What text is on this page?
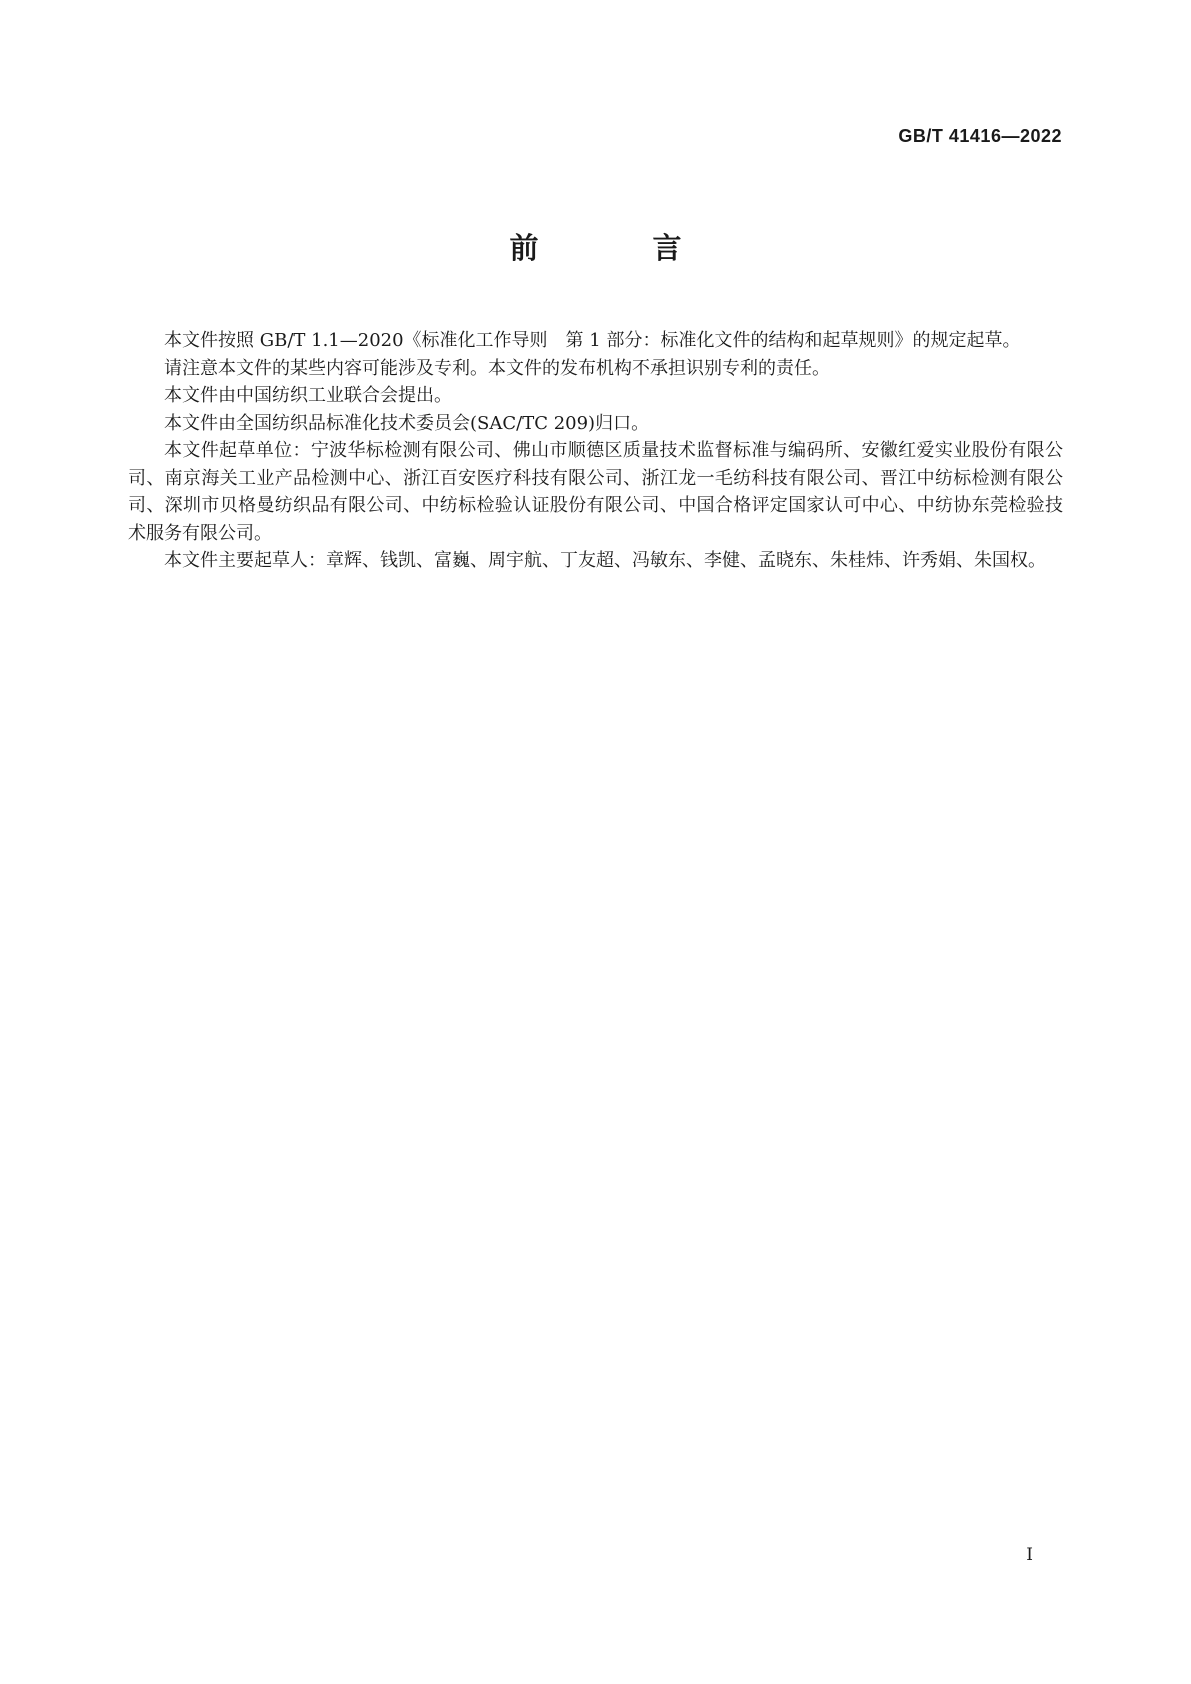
GB/T 41416—2022
前 言

本文件按照 GB/T 1.1—2020《标准化工作导则　第 1 部分：标准化文件的结构和起草规则》的规定起草。

请注意本文件的某些内容可能涉及专利。本文件的发布机构不承担识别专利的责任。

本文件由中国纺织工业联合会提出。

本文件由全国纺织品标准化技术委员会(SAC/TC 209)归口。

本文件起草单位：宁波华标检测有限公司、佛山市顺德区质量技术监督标准与编码所、安徽红爱实业股份有限公司、南京海关工业产品检测中心、浙江百安医疗科技有限公司、浙江龙一毛纺科技有限公司、晋江中纺标检测有限公司、深圳市贝格曼纺织品有限公司、中纺标检验认证股份有限公司、中国合格评定国家认可中心、中纺协东莞检验技术服务有限公司。

本文件主要起草人：章辉、钱凯、富巍、周宇航、丁友超、冯敏东、李健、孟晓东、朱桂炜、许秀娟、朱国权。

I
